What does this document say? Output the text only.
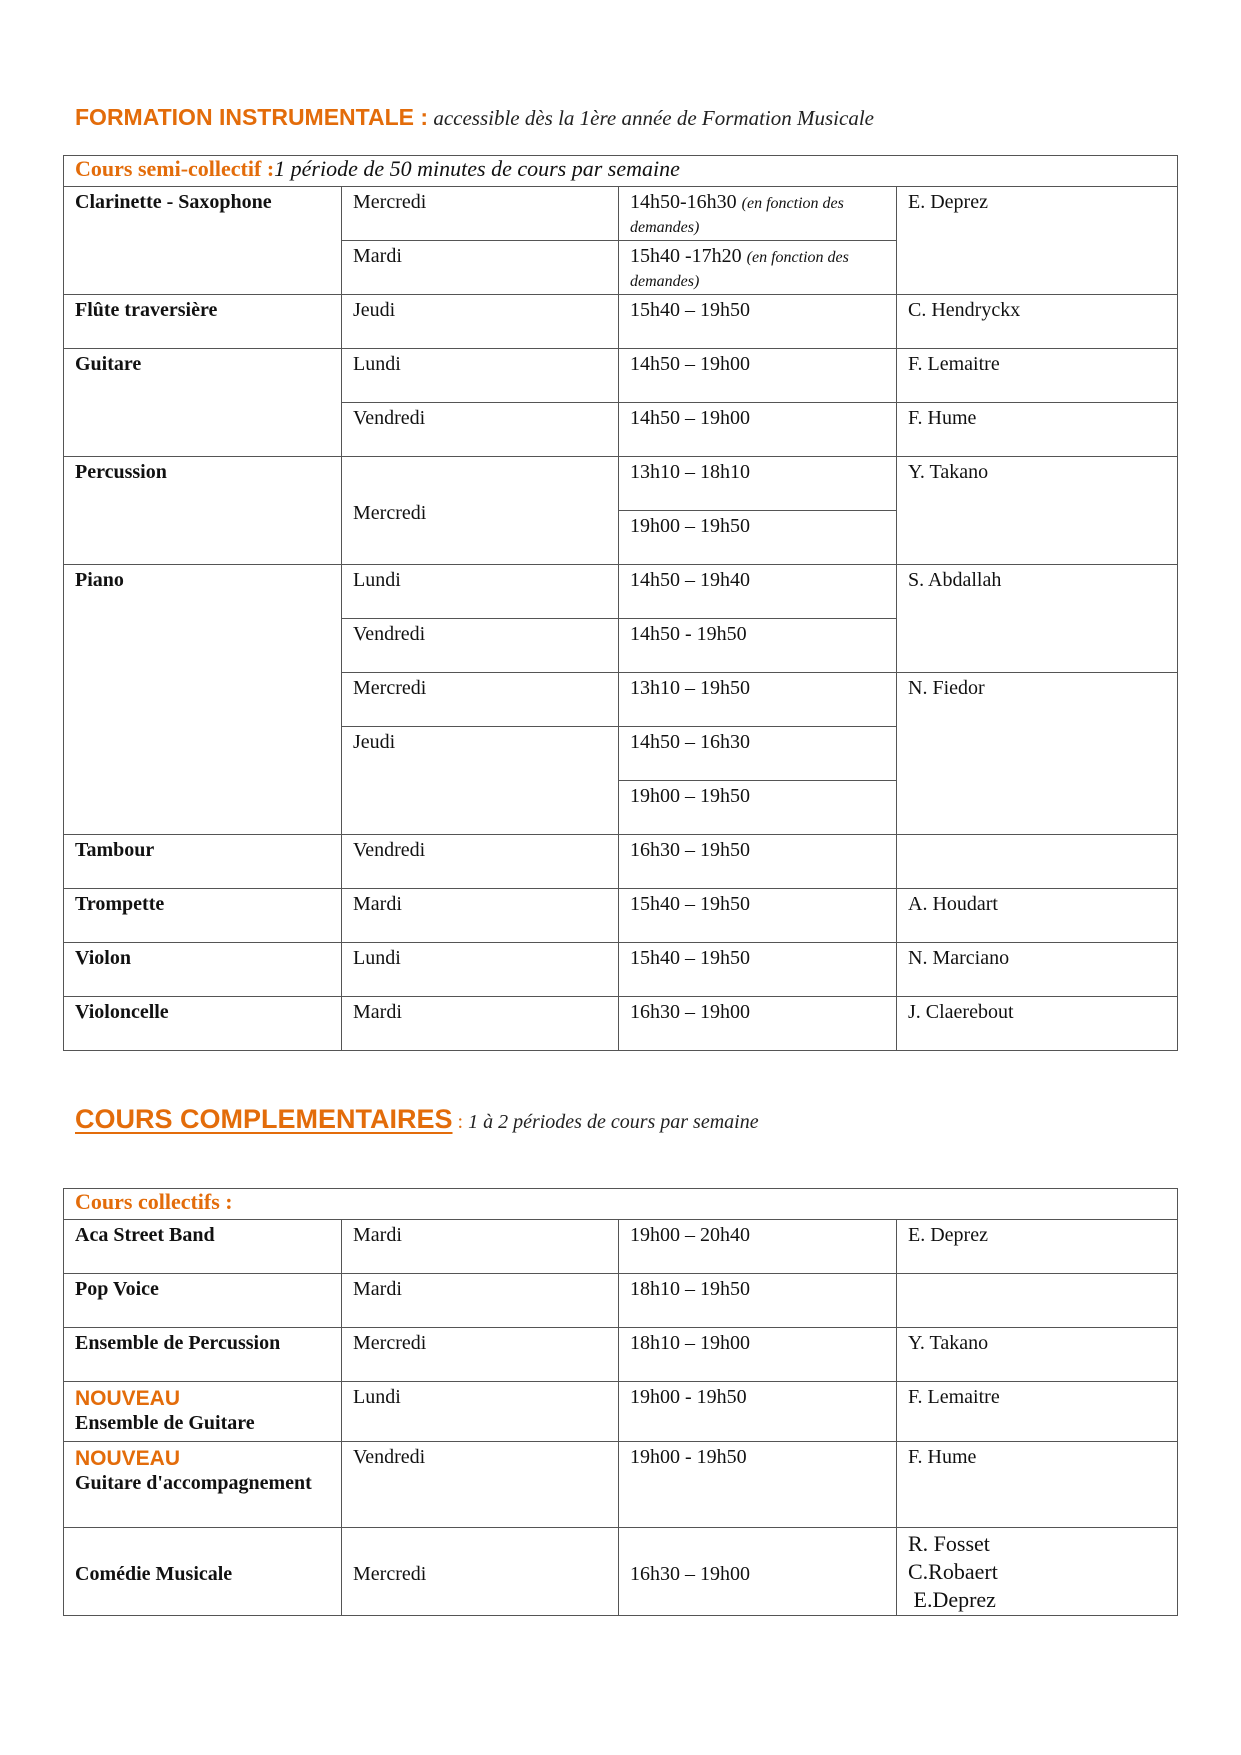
FORMATION INSTRUMENTALE : accessible dès la 1ère année de Formation Musicale
Cours semi-collectif :1 période de 50 minutes de cours par semaine			
Clarinette - Saxophone	Mercredi	14h50-16h30 (en fonction des demandes)	E. Deprez
	Mardi	15h40 -17h20 (en fonction des demandes)	
Flûte traversière	Jeudi	15h40 – 19h50	C. Hendryckx
Guitare	Lundi	14h50 – 19h00	F. Lemaitre
	Vendredi	14h50 – 19h00	F. Hume
Percussion	Mercredi	13h10 – 18h10	Y. Takano
		19h00 – 19h50	
Piano	Lundi	14h50 – 19h40	S. Abdallah
	Vendredi	14h50 - 19h50	
	Mercredi	13h10 – 19h50	N. Fiedor
	Jeudi	14h50 – 16h30	
		19h00 – 19h50	
Tambour	Vendredi	16h30 – 19h50	
Trompette	Mardi	15h40 – 19h50	A. Houdart
Violon	Lundi	15h40 – 19h50	N. Marciano
Violoncelle	Mardi	16h30 – 19h00	J. Claerebout
COURS COMPLEMENTAIRES : 1 à 2 périodes de cours par semaine
Cours collectifs :			
Aca Street Band	Mardi	19h00 – 20h40	E. Deprez
Pop Voice	Mardi	18h10 – 19h50	
Ensemble de Percussion	Mercredi	18h10 – 19h00	Y. Takano

NOUVEAU
Ensemble de Guitare	Lundi	19h00 - 19h50	F. Lemaitre

NOUVEAU
Guitare d'accompagnement	Vendredi	19h00 - 19h50	F. Hume
Comédie Musicale	Mercredi	16h30 – 19h00	R. Fosset
C.Robaert
E.Deprez
